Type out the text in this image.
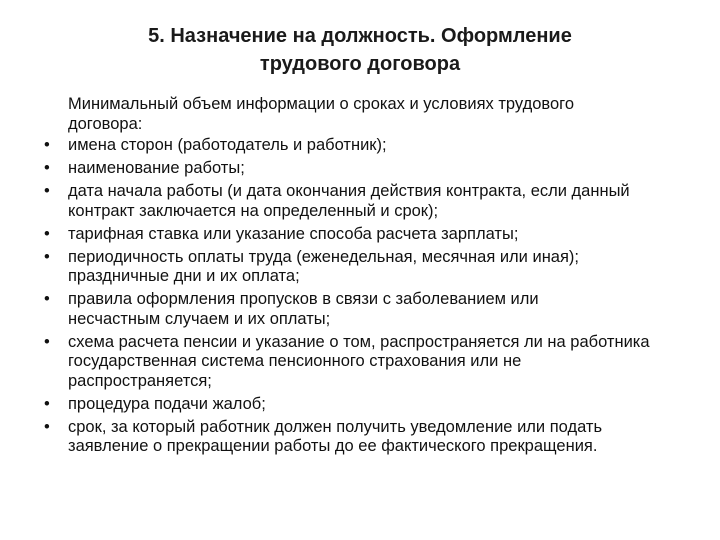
5. Назначение на должность. Оформление
трудового договора
Минимальный объем информации о сроках и условиях трудового договора:
• имена сторон (работодатель и работник);
• наименование работы;
• дата начала работы (и дата окончания действия контракта, если данный контракт заключается на определенный и срок);
• тарифная ставка или указание способа расчета зарплаты;
• периодичность оплаты труда (еженедельная, месячная или иная); праздничные дни и их оплата;
• правила оформления пропусков в связи с заболеванием или несчастным случаем и их оплаты;
• схема расчета пенсии и указание о том, распространяется ли на работника государственная система пенсионного страхования или не распространяется;
• процедура подачи жалоб;
• срок, за который работник должен получить уведомление или подать заявление о прекращении работы до ее фактического прекращения.
